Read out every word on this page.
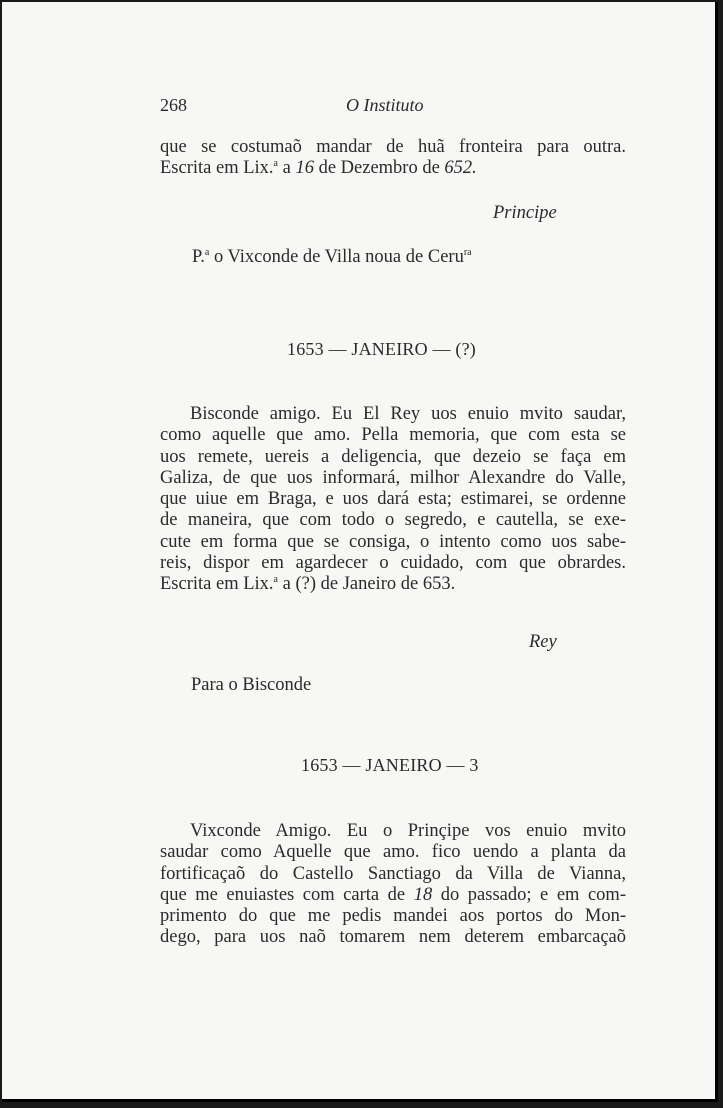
268	O Instituto
que se costumaõ mandar de huã fronteira para outra.
Escrita em Lix.$^a$ a 16 de Dezembro de 652.
Principe
P.$^a$ o Vixconde de Villa noua de Ceru$^{ra}$
1653 — JANEIRO — (?)
Bisconde amigo. Eu El Rey uos enuio mvito saudar,
como aquelle que amo. Pella memoria, que com esta se
uos remete, uereis a deligencia, que dezeio se faça em
Galiza, de que uos informará, milhor Alexandre do Valle,
que uiue em Braga, e uos dará esta; estimarei, se ordenne
de maneira, que com todo o segredo, e cautella, se exe-
cute em forma que se consiga, o intento como uos sabe-
reis, dispor em agardecer o cuidado, com que obrardes.
Escrita em Lix.$^a$ a (?) de Janeiro de 653.
Rey
Para o Bisconde
1653 — JANEIRO — 3
Vixconde Amigo. Eu o Prinçipe vos enuio mvito
saudar como Aquelle que amo. fico uendo a planta da
fortificaçaõ do Castello Sanctiago da Villa de Vianna,
que me enuiastes com carta de 18 do passado; e em com-
primento do que me pedis mandei aos portos do Mon-
dego, para uos naõ tomarem nem deterem embarcaçaõ
